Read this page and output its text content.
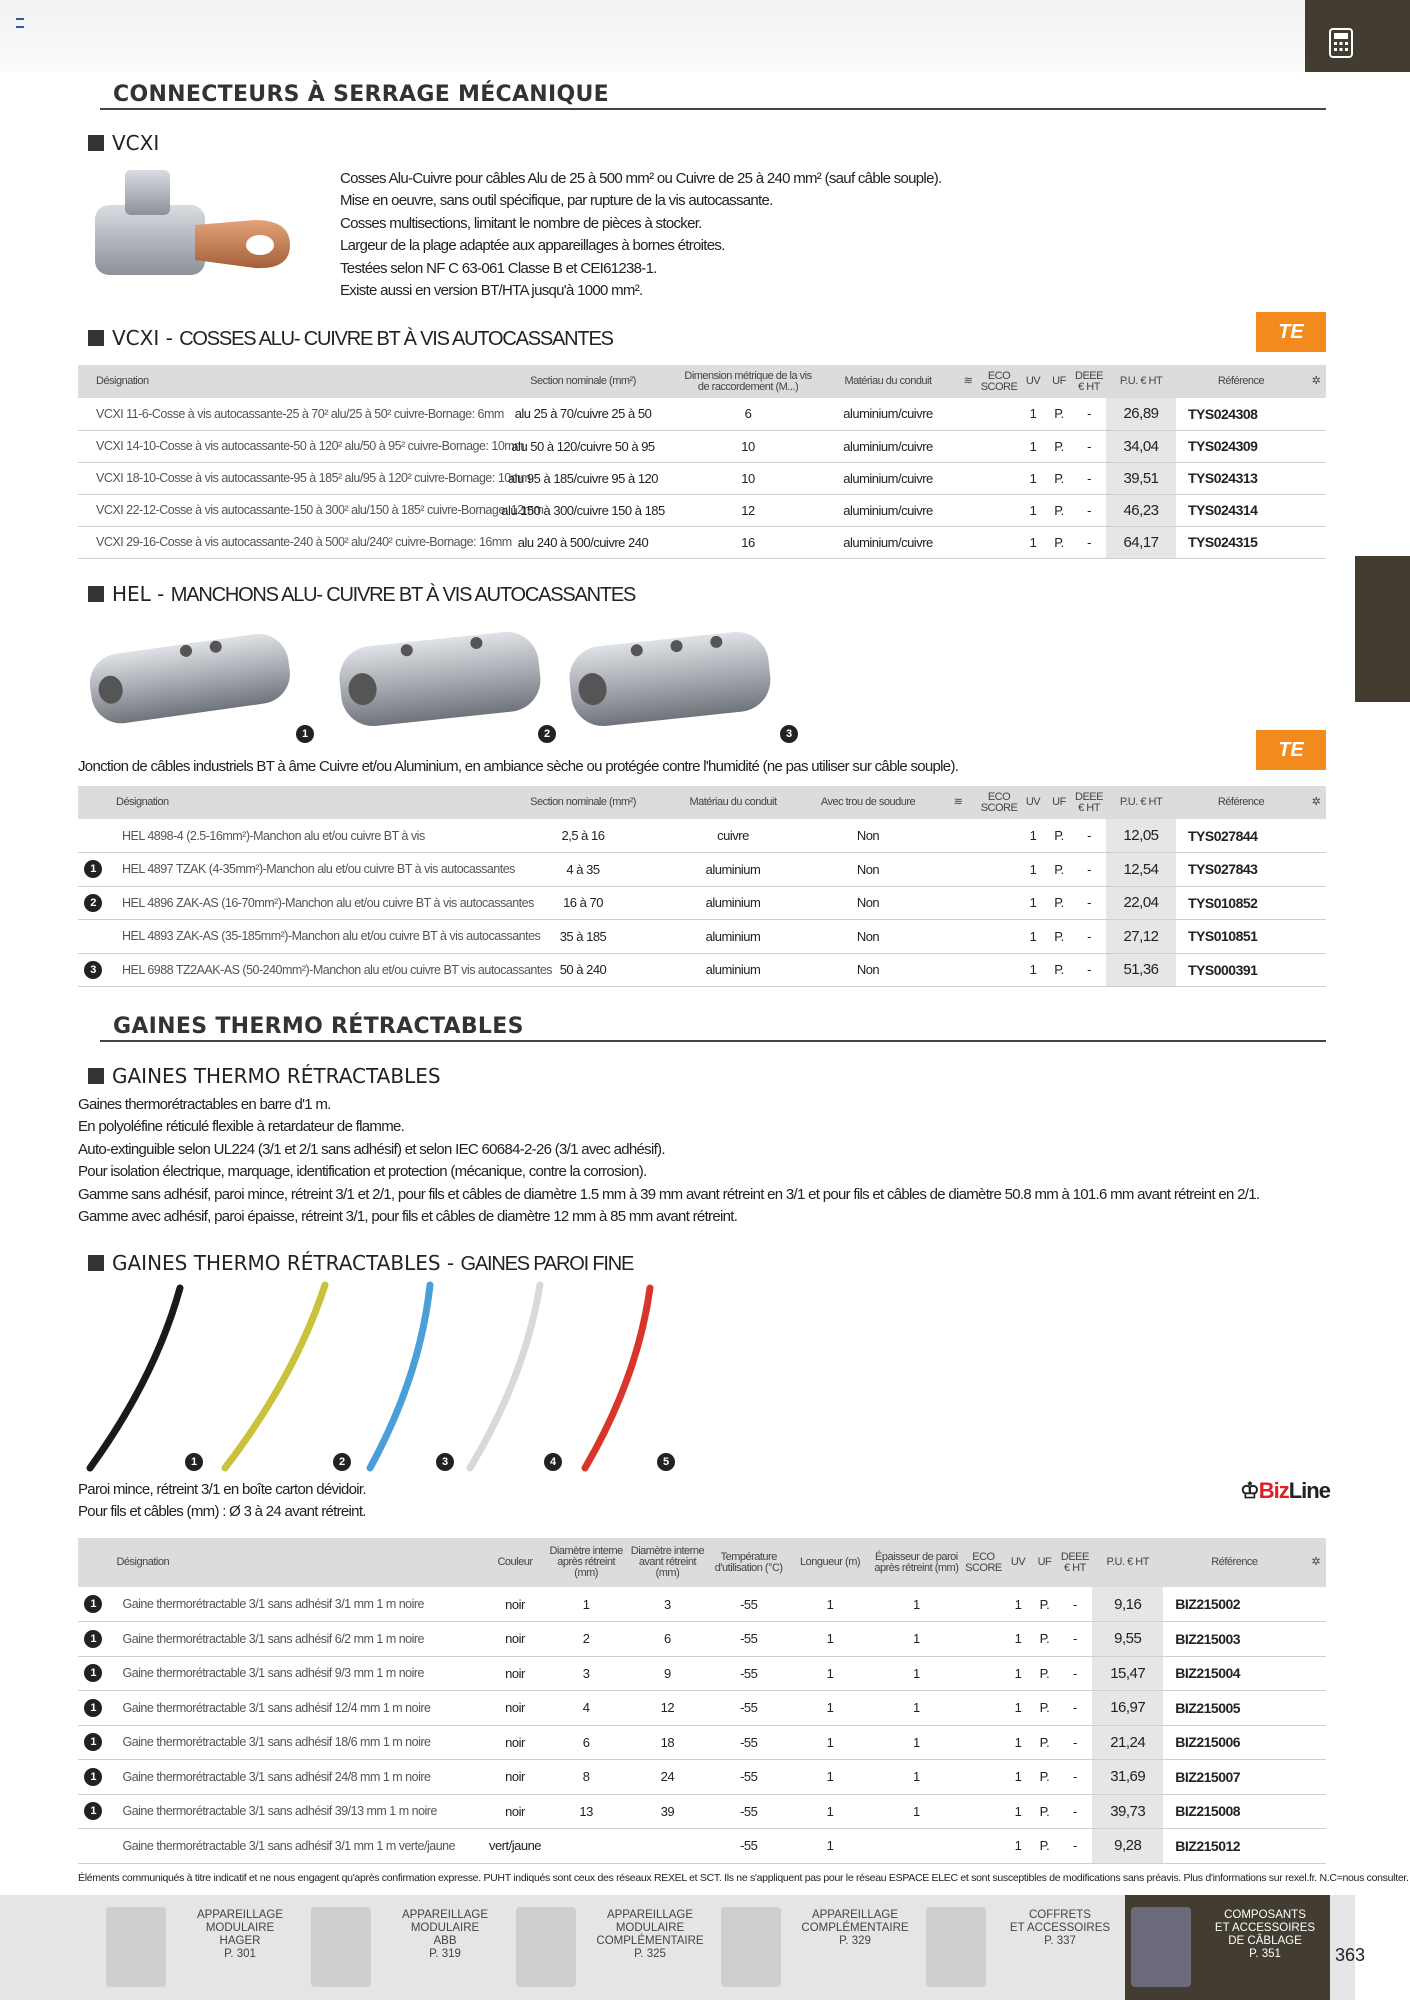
CONNECTEURS À SERRAGE MÉCANIQUE
VCXI
Cosses Alu-Cuivre pour câbles Alu de 25 à 500 mm² ou Cuivre de 25 à 240 mm² (sauf câble souple).
Mise en oeuvre, sans outil spécifique, par rupture de la vis autocassante.
Cosses multisections, limitant le nombre de pièces à stocker.
Largeur de la plage adaptée aux appareillages à bornes étroites.
Testées selon NF C 63-061 Classe B et CEI61238-1.
Existe aussi en version BT/HTA jusqu'à 1000 mm².
VCXI - COSSES ALU- CUIVRE BT À VIS AUTOCASSANTES	TE
Désignation	Section nominale (mm²)	Dimension métrique de la vis de raccordement (M...)	Matériau du conduit	≋	ECO SCORE	UV	UF	DEEE € HT	P.U. € HT	Référence	✲
VCXI 11-6-Cosse à vis autocassante-25 à 70² alu/25 à 50² cuivre-Bornage: 6mm	alu 25 à 70/cuivre 25 à 50	6	aluminium/cuivre			1	P.	-	26,89	TYS024308	
VCXI 14-10-Cosse à vis autocassante-50 à 120² alu/50 à 95² cuivre-Bornage: 10mm	alu 50 à 120/cuivre 50 à 95	10	aluminium/cuivre			1	P.	-	34,04	TYS024309	
VCXI 18-10-Cosse à vis autocassante-95 à 185² alu/95 à 120² cuivre-Bornage: 10mm	alu 95 à 185/cuivre 95 à 120	10	aluminium/cuivre			1	P.	-	39,51	TYS024313	
VCXI 22-12-Cosse à vis autocassante-150 à 300² alu/150 à 185² cuivre-Bornage: 12mm	alu 150 à 300/cuivre 150 à 185	12	aluminium/cuivre			1	P.	-	46,23	TYS024314	
VCXI 29-16-Cosse à vis autocassante-240 à 500² alu/240² cuivre-Bornage: 16mm	alu 240 à 500/cuivre 240	16	aluminium/cuivre			1	P.	-	64,17	TYS024315	
HEL - MANCHONS ALU- CUIVRE BT À VIS AUTOCASSANTES
1	2	3
Jonction de câbles industriels BT à âme Cuivre et/ou Aluminium, en ambiance sèche ou protégée contre l'humidité (ne pas utiliser sur câble souple).
TE
	Désignation	Section nominale (mm²)	Matériau du conduit	Avec trou de soudure	≋	ECO SCORE	UV	UF	DEEE € HT	P.U. € HT	Référence	✲
	HEL 4898-4 (2.5-16mm²)-Manchon alu et/ou cuivre BT à vis	2,5 à 16	cuivre	Non			1	P.	-	12,05	TYS027844	
1	HEL 4897 TZAK (4-35mm²)-Manchon alu et/ou cuivre BT à vis autocassantes	4 à 35	aluminium	Non			1	P.	-	12,54	TYS027843	
2	HEL 4896 ZAK-AS (16-70mm²)-Manchon alu et/ou cuivre BT à vis autocassantes	16 à 70	aluminium	Non			1	P.	-	22,04	TYS010852	
	HEL 4893 ZAK-AS (35-185mm²)-Manchon alu et/ou cuivre BT à vis autocassantes	35 à 185	aluminium	Non			1	P.	-	27,12	TYS010851	
3	HEL 6988 TZ2AAK-AS (50-240mm²)-Manchon alu et/ou cuivre BT vis autocassantes	50 à 240	aluminium	Non			1	P.	-	51,36	TYS000391	
GAINES THERMO RÉTRACTABLES
GAINES THERMO RÉTRACTABLES
Gaines thermorétractables en barre d'1 m.
En polyoléfine réticulé flexible à retardateur de flamme.
Auto-extinguible selon UL224 (3/1 et 2/1 sans adhésif) et selon IEC 60684-2-26 (3/1 avec adhésif).
Pour isolation électrique, marquage, identification et protection (mécanique, contre la corrosion).
Gamme sans adhésif, paroi mince, rétreint 3/1 et 2/1, pour fils et câbles de diamètre 1.5 mm à 39 mm avant rétreint en 3/1 et pour fils et câbles de diamètre 50.8 mm à 101.6 mm avant rétreint en 2/1.
Gamme avec adhésif, paroi épaisse, rétreint 3/1, pour fils et câbles de diamètre 12 mm à 85 mm avant rétreint.
GAINES THERMO RÉTRACTABLES - GAINES PAROI FINE
1	2	3	4	5
Paroi mince, rétreint 3/1 en boîte carton dévidoir.
Pour fils et câbles (mm) : Ø 3 à 24 avant rétreint.
♔BizLine
	Désignation	Couleur	Diamètre interne après rétreint (mm)	Diamètre interne avant rétreint (mm)	Température d'utilisation (°C)	Longueur (m)	Épaisseur de paroi après rétreint (mm)	ECO SCORE	UV	UF	DEEE € HT	P.U. € HT	Référence	✲
1	Gaine thermorétractable 3/1 sans adhésif 3/1 mm 1 m noire	noir	1	3	-55	1	1		1	P.	-	9,16	BIZ215002	
1	Gaine thermorétractable 3/1 sans adhésif 6/2 mm 1 m noire	noir	2	6	-55	1	1		1	P.	-	9,55	BIZ215003	
1	Gaine thermorétractable 3/1 sans adhésif 9/3 mm 1 m noire	noir	3	9	-55	1	1		1	P.	-	15,47	BIZ215004	
1	Gaine thermorétractable 3/1 sans adhésif 12/4 mm 1 m noire	noir	4	12	-55	1	1		1	P.	-	16,97	BIZ215005	
1	Gaine thermorétractable 3/1 sans adhésif 18/6 mm 1 m noire	noir	6	18	-55	1	1		1	P.	-	21,24	BIZ215006	
1	Gaine thermorétractable 3/1 sans adhésif 24/8 mm 1 m noire	noir	8	24	-55	1	1		1	P.	-	31,69	BIZ215007	
1	Gaine thermorétractable 3/1 sans adhésif 39/13 mm 1 m noire	noir	13	39	-55	1	1		1	P.	-	39,73	BIZ215008	
	Gaine thermorétractable 3/1 sans adhésif 3/1 mm 1 m verte/jaune	vert/jaune			-55	1			1	P.	-	9,28	BIZ215012	
Éléments communiqués à titre indicatif et ne nous engagent qu'après confirmation expresse. PUHT indiqués sont ceux des réseaux REXEL et SCT. Ils ne s'appliquent pas pour le réseau ESPACE ELEC et sont susceptibles de modifications sans préavis. Plus d'informations sur rexel.fr. N.C=nous consulter.
APPAREILLAGE
MODULAIRE
HAGER
P. 301
APPAREILLAGE
MODULAIRE
ABB
P. 319
APPAREILLAGE
MODULAIRE
COMPLÉMENTAIRE
P. 325
APPAREILLAGE
COMPLÉMENTAIRE
P. 329
COFFRETS
ET ACCESSOIRES
P. 337
COMPOSANTS
ET ACCESSOIRES
DE CÂBLAGE
P. 351	363
